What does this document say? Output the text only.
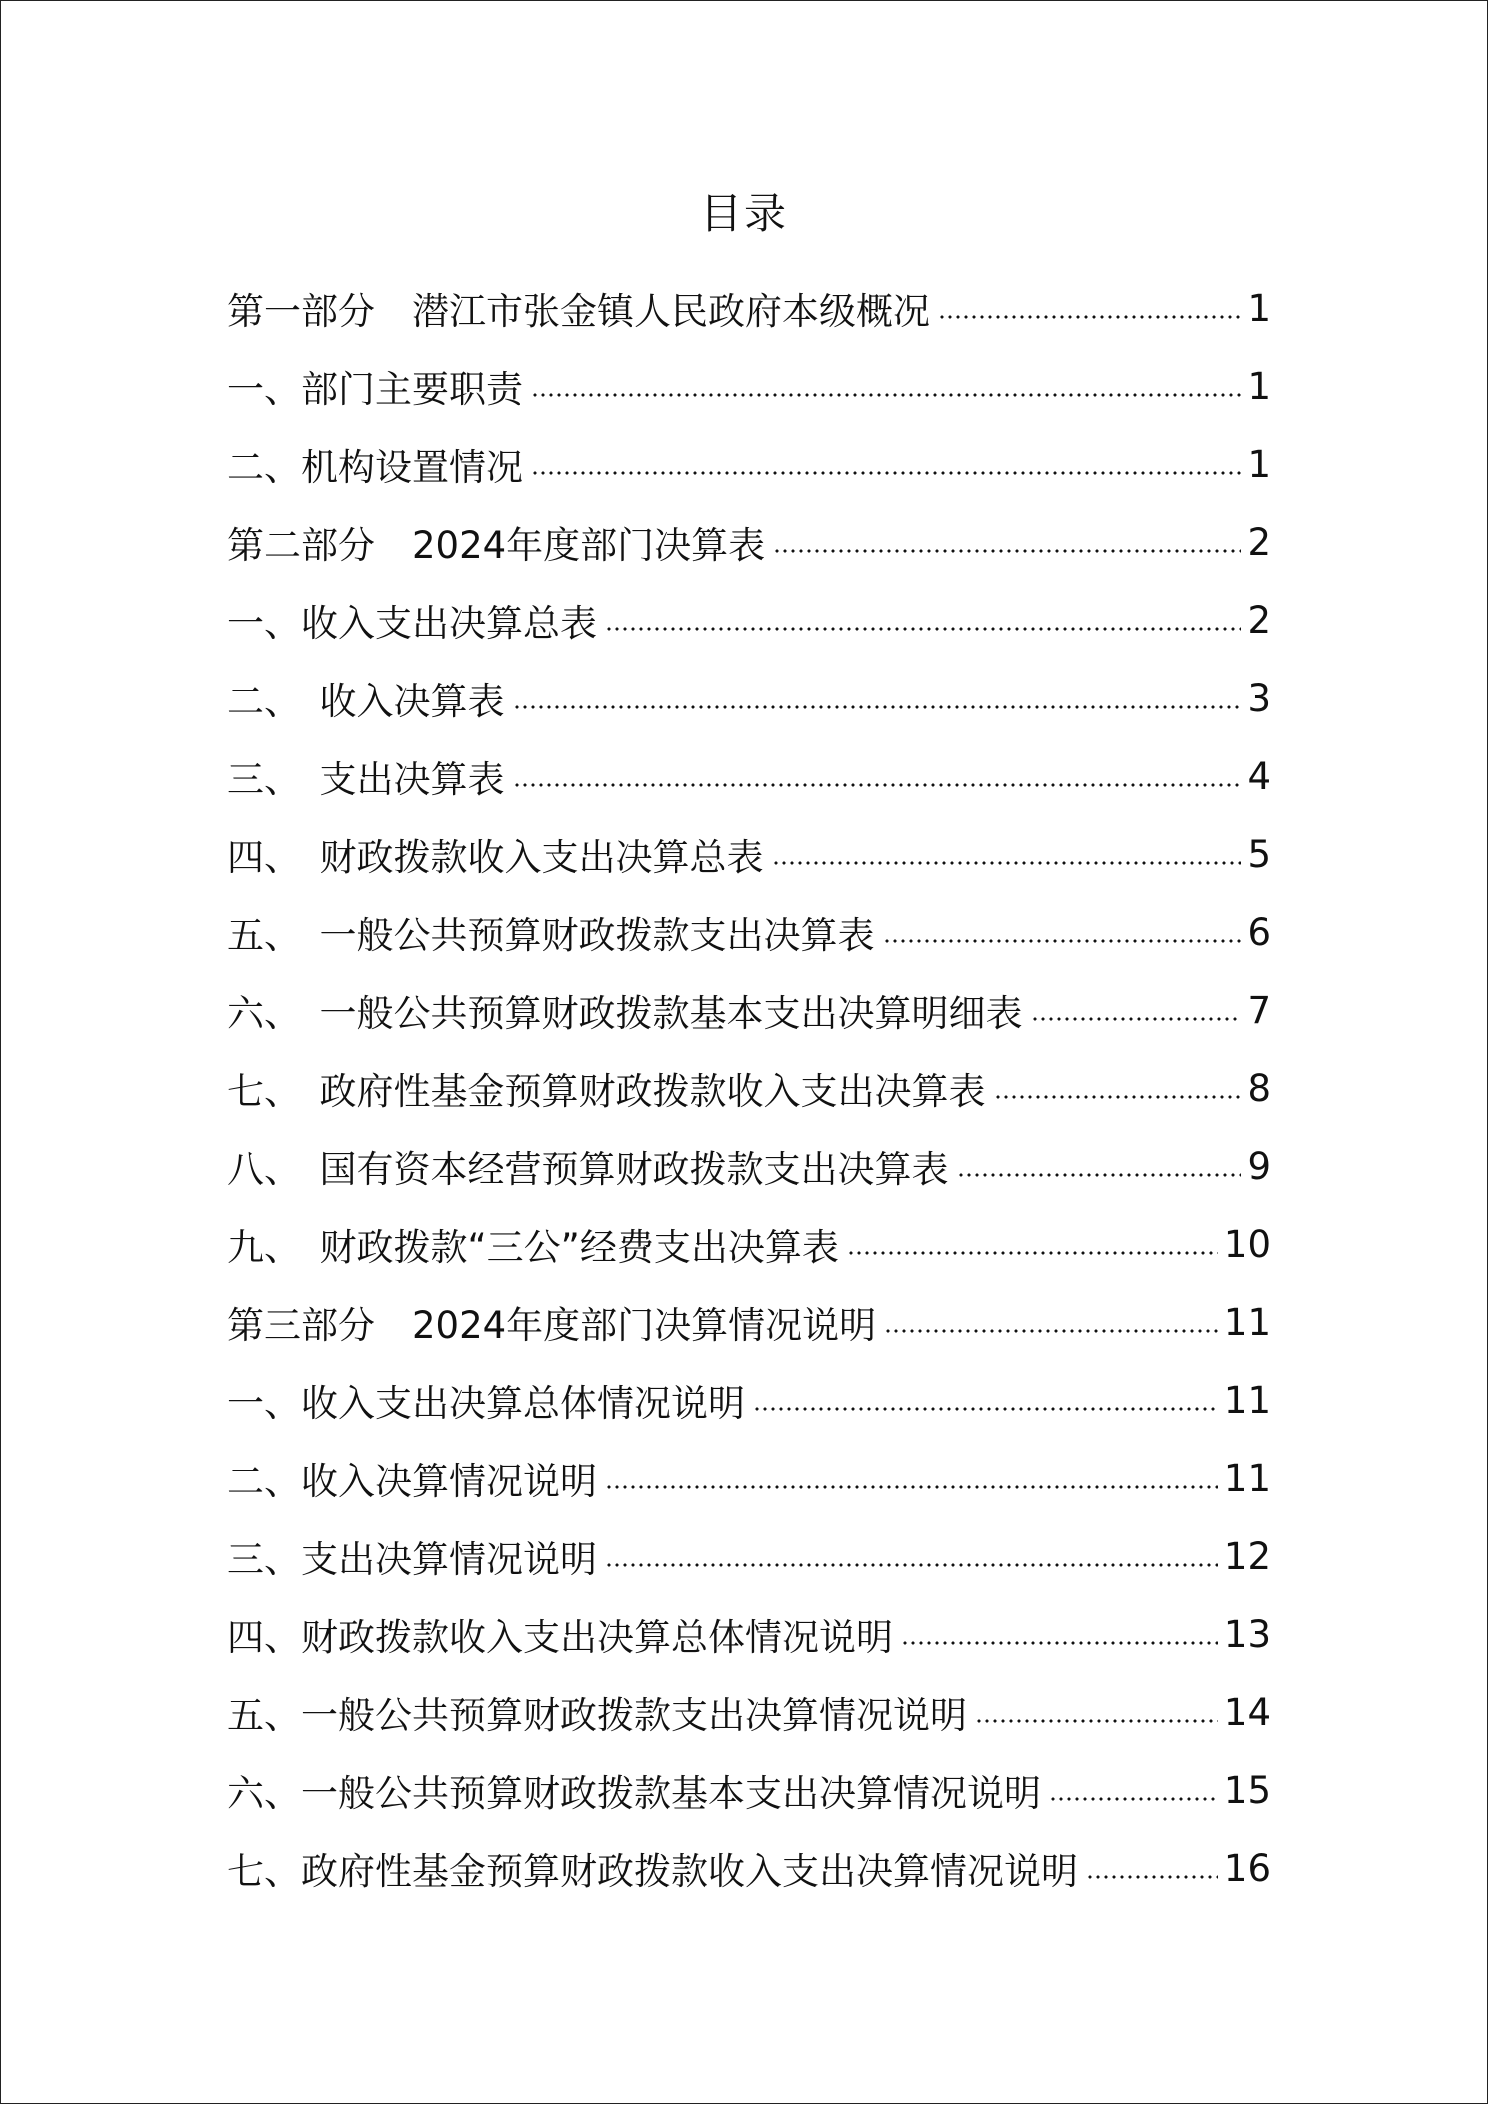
目录
第一部分　潜江市张金镇人民政府本级概况	1
一、部门主要职责	1
二、机构设置情况	1
第二部分　2024年度部门决算表	2
一、收入支出决算总表	2
二、　收入决算表	3
三、　支出决算表	4
四、　财政拨款收入支出决算总表	5
五、　一般公共预算财政拨款支出决算表	6
六、　一般公共预算财政拨款基本支出决算明细表	7
七、　政府性基金预算财政拨款收入支出决算表	8
八、　国有资本经营预算财政拨款支出决算表	9
九、　财政拨款“三公”经费支出决算表	10
第三部分　2024年度部门决算情况说明	11
一、收入支出决算总体情况说明	11
二、收入决算情况说明	11
三、支出决算情况说明	12
四、财政拨款收入支出决算总体情况说明	13
五、一般公共预算财政拨款支出决算情况说明	14
六、一般公共预算财政拨款基本支出决算情况说明	15
七、政府性基金预算财政拨款收入支出决算情况说明	16
